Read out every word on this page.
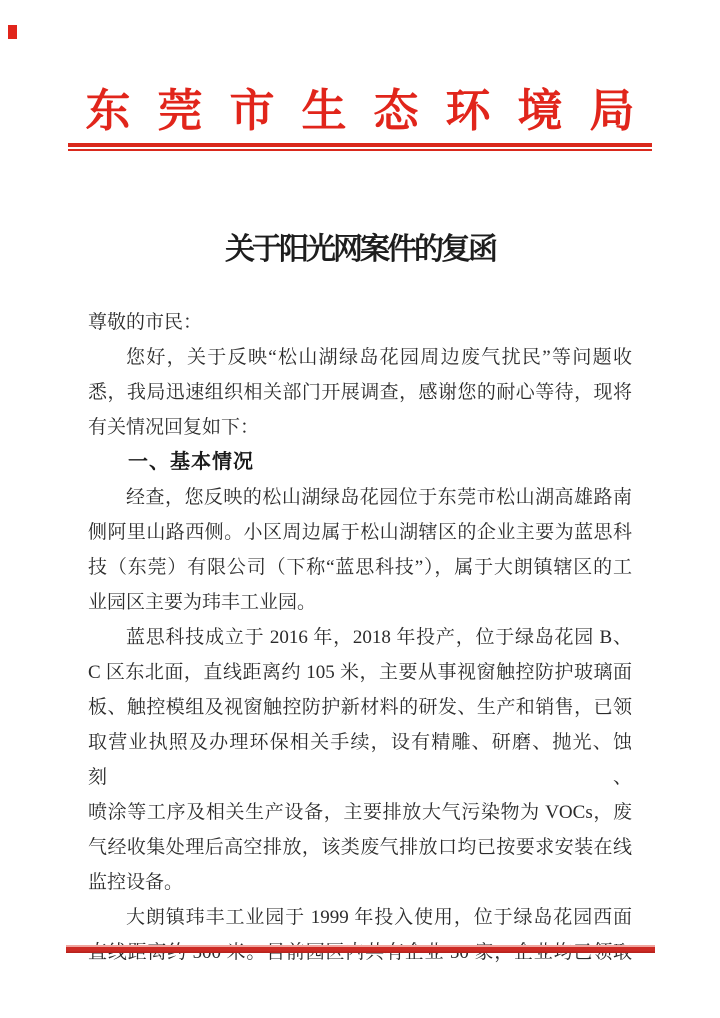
东莞市生态环境局
关于阳光网案件的复函
尊敬的市民：
您好，关于反映“松山湖绿岛花园周边废气扰民”等问题收
悉，我局迅速组织相关部门开展调查，感谢您的耐心等待，现将
有关情况回复如下：
一、基本情况
经查，您反映的松山湖绿岛花园位于东莞市松山湖高雄路南
侧阿里山路西侧。小区周边属于松山湖辖区的企业主要为蓝思科
技（东莞）有限公司（下称“蓝思科技”），属于大朗镇辖区的工
业园区主要为玮丰工业园。
蓝思科技成立于 2016 年，2018 年投产，位于绿岛花园 B、
C 区东北面，直线距离约 105 米，主要从事视窗触控防护玻璃面
板、触控模组及视窗触控防护新材料的研发、生产和销售，已领
取营业执照及办理环保相关手续，设有精雕、研磨、抛光、蚀刻、
喷涂等工序及相关生产设备，主要排放大气污染物为 VOCs，废
气经收集处理后高空排放，该类废气排放口均已按要求安装在线
监控设备。
大朗镇玮丰工业园于 1999 年投入使用，位于绿岛花园西面
